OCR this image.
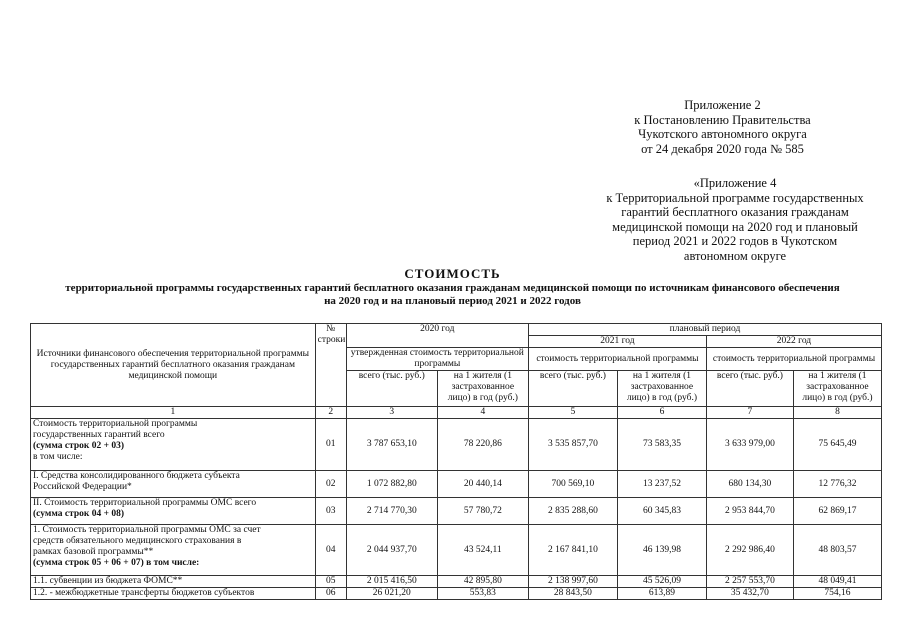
Приложение 2
к Постановлению Правительства
Чукотского автономного округа
от 24 декабря 2020 года № 585
«Приложение 4
к Территориальной программе государственных
гарантий бесплатного оказания гражданам
медицинской помощи на 2020 год и плановый
период 2021 и 2022 годов в Чукотском
автономном округе
СТОИМОСТЬ
территориальной программы государственных гарантий бесплатного оказания гражданам медицинской помощи по источникам финансового обеспечения
на 2020 год и на плановый период 2021 и 2022 годов
Источники финансового обеспечения территориальной программы государственных гарантий бесплатного оказания гражданам медицинской помощи	№ строки	2020 год		плановый период			
				2021 год		2022 год	
		утвержденная стоимость территориальной программы		стоимость территориальной программы		стоимость территориальной программы	
		всего (тыс. руб.)	на 1 жителя (1 застрахованное лицо) в год (руб.)	всего (тыс. руб.)	на 1 жителя (1 застрахованное лицо) в год (руб.)	всего (тыс. руб.)	на 1 жителя (1 застрахованное лицо) в год (руб.)
1	2	3	4	5	6	7	8

Стоимость территориальной программы
государственных гарантий всего
(сумма строк 02 + 03)
в том числе:	01	3 787 653,10	78 220,86	3 535 857,70	73 583,35	3 633 979,00	75 645,49

I. Средства консолидированного бюджета субъекта
Российской Федерации*	02	1 072 882,80	20 440,14	700 569,10	13 237,52	680 134,30	12 776,32

II. Стоимость территориальной программы ОМС всего
(сумма строк 04 + 08)	03	2 714 770,30	57 780,72	2 835 288,60	60 345,83	2 953 844,70	62 869,17

1. Стоимость территориальной программы ОМС за счет
средств обязательного медицинского страхования в
рамках базовой программы**
(сумма строк 05 + 06 + 07) в том числе:	04	2 044 937,70	43 524,11	2 167 841,10	46 139,98	2 292 986,40	48 803,57
1.1. субвенции из бюджета ФОМС**	05	2 015 416,50	42 895,80	2 138 997,60	45 526,09	2 257 553,70	48 049,41
1.2. - межбюджетные трансферты бюджетов субъектов	06	26 021,20	553,83	28 843,50	613,89	35 432,70	754,16
